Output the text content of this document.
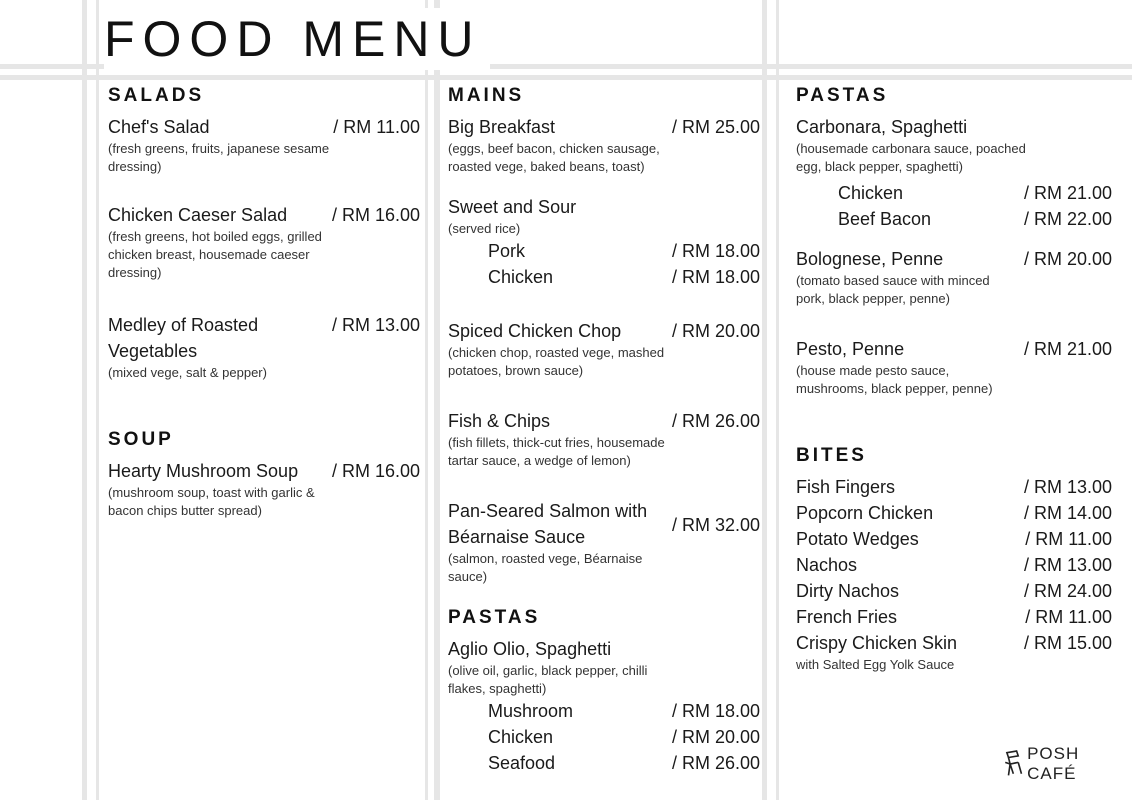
FOOD MENU
SALADS
Chef's Salad	/ RM 11.00
(fresh greens, fruits, japanese sesame dressing)
Chicken Caeser Salad	/ RM 16.00
(fresh greens, hot boiled eggs, grilled chicken breast, housemade caeser dressing)
Medley of Roasted Vegetables
/ RM 13.00
(mixed vege, salt & pepper)
SOUP
Hearty Mushroom Soup	/ RM 16.00
(mushroom soup, toast with garlic & bacon chips butter spread)
MAINS
Big Breakfast	/ RM 25.00
(eggs, beef bacon, chicken sausage, roasted vege, baked beans, toast)
Sweet and Sour
(served rice)
Pork	/ RM 18.00
Chicken	/ RM 18.00
Spiced Chicken Chop	/ RM 20.00
(chicken chop, roasted vege, mashed potatoes, brown sauce)
Fish & Chips	/ RM 26.00
(fish fillets, thick-cut fries, housemade tartar sauce, a wedge of lemon)
Pan-Seared Salmon with Béarnaise Sauce
/ RM 32.00
(salmon, roasted vege, Béarnaise sauce)
PASTAS
Aglio Olio, Spaghetti
(olive oil, garlic, black pepper, chilli flakes, spaghetti)
Mushroom	/ RM 18.00
Chicken	/ RM 20.00
Seafood	/ RM 26.00
PASTAS
Carbonara, Spaghetti
(housemade carbonara sauce, poached egg, black pepper, spaghetti)
Chicken	/ RM 21.00
Beef Bacon	/ RM 22.00
Bolognese, Penne	/ RM 20.00
(tomato based sauce with minced pork, black pepper, penne)
Pesto, Penne	/ RM 21.00
(house made pesto sauce, mushrooms, black pepper, penne)
BITES
Fish Fingers	/ RM 13.00
Popcorn Chicken	/ RM 14.00
Potato Wedges	/ RM 11.00
Nachos	/ RM 13.00
Dirty Nachos	/ RM 24.00
French Fries	/ RM 11.00
Crispy Chicken Skin	/ RM 15.00
with Salted Egg Yolk Sauce
POSH CAFÉ
